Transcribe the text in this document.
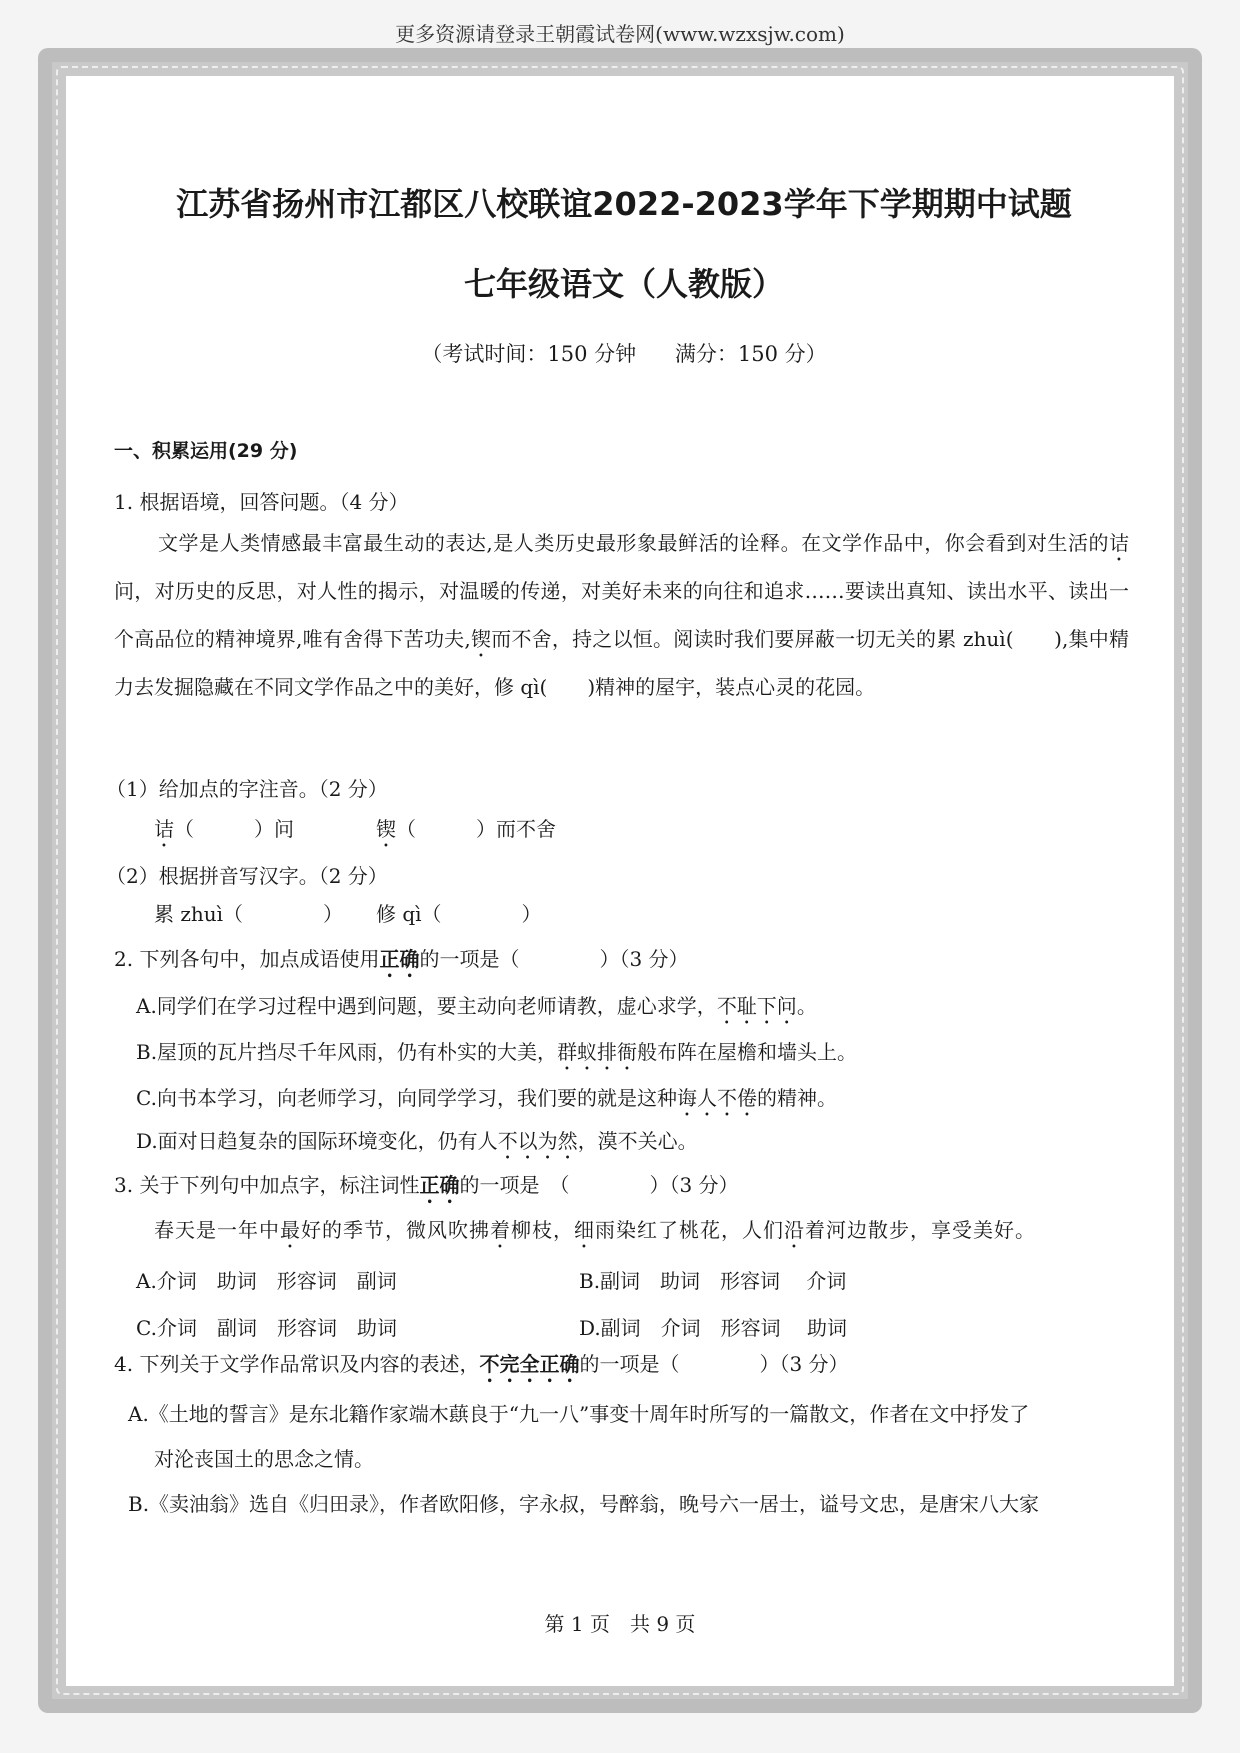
更多资源请登录王朝霞试卷网(www.wzxsjw.com)
江苏省扬州市江都区八校联谊2022-2023学年下学期期中试题
七年级语文（人教版）
（考试时间：150 分钟 满分：150 分）
一、积累运用(29 分)
1. 根据语境，回答问题。（4 分）
文学是人类情感最丰富最生动的表达,是人类历史最形象最鲜活的诠释。在文学作品中，你会看到对生活的诘问，对历史的反思，对人性的揭示，对温暖的传递，对美好未来的向往和追求……要读出真知、读出水平、读出一个高品位的精神境界,唯有舍得下苦功夫,锲而不舍，持之以恒。阅读时我们要屏蔽一切无关的累 zhuì(　　),集中精力去发掘隐藏在不同文学作品之中的美好，修 qì(　　)精神的屋宇，装点心灵的花园。
（1）给加点的字注音。（2 分）
诘（　　　）问	锲（　　　）而不舍
（2）根据拼音写汉字。（2 分）
累 zhuì（　　　　） 修 qì（　　　　）
2. 下列各句中，加点成语使用正确的一项是（　　　　）（3 分）
A.同学们在学习过程中遇到问题，要主动向老师请教，虚心求学，不耻下问。
B.屋顶的瓦片挡尽千年风雨，仍有朴实的大美，群蚁排衙般布阵在屋檐和墙头上。
C.向书本学习，向老师学习，向同学学习，我们要的就是这种诲人不倦的精神。
D.面对日趋复杂的国际环境变化，仍有人不以为然，漠不关心。
3. 关于下列句中加点字，标注词性正确的一项是　（　　　　）（3 分）
春天是一年中最好的季节，微风吹拂着柳枝，细雨染红了桃花，人们沿着河边散步，享受美好。
A.介词　助词　形容词　副词	B.副词　助词　形容词　 介词
C.介词　副词　形容词　助词	D.副词　介词　形容词　 助词
4. 下列关于文学作品常识及内容的表述，不完全正确的一项是（　　　　）（3 分）
A.《土地的誓言》是东北籍作家端木蕻良于“九一八”事变十周年时所写的一篇散文，作者在文中抒发了
对沦丧国土的思念之情。
B.《卖油翁》选自《归田录》，作者欧阳修，字永叔，号醉翁，晚号六一居士，谥号文忠，是唐宋八大家
第 1 页　共 9 页
